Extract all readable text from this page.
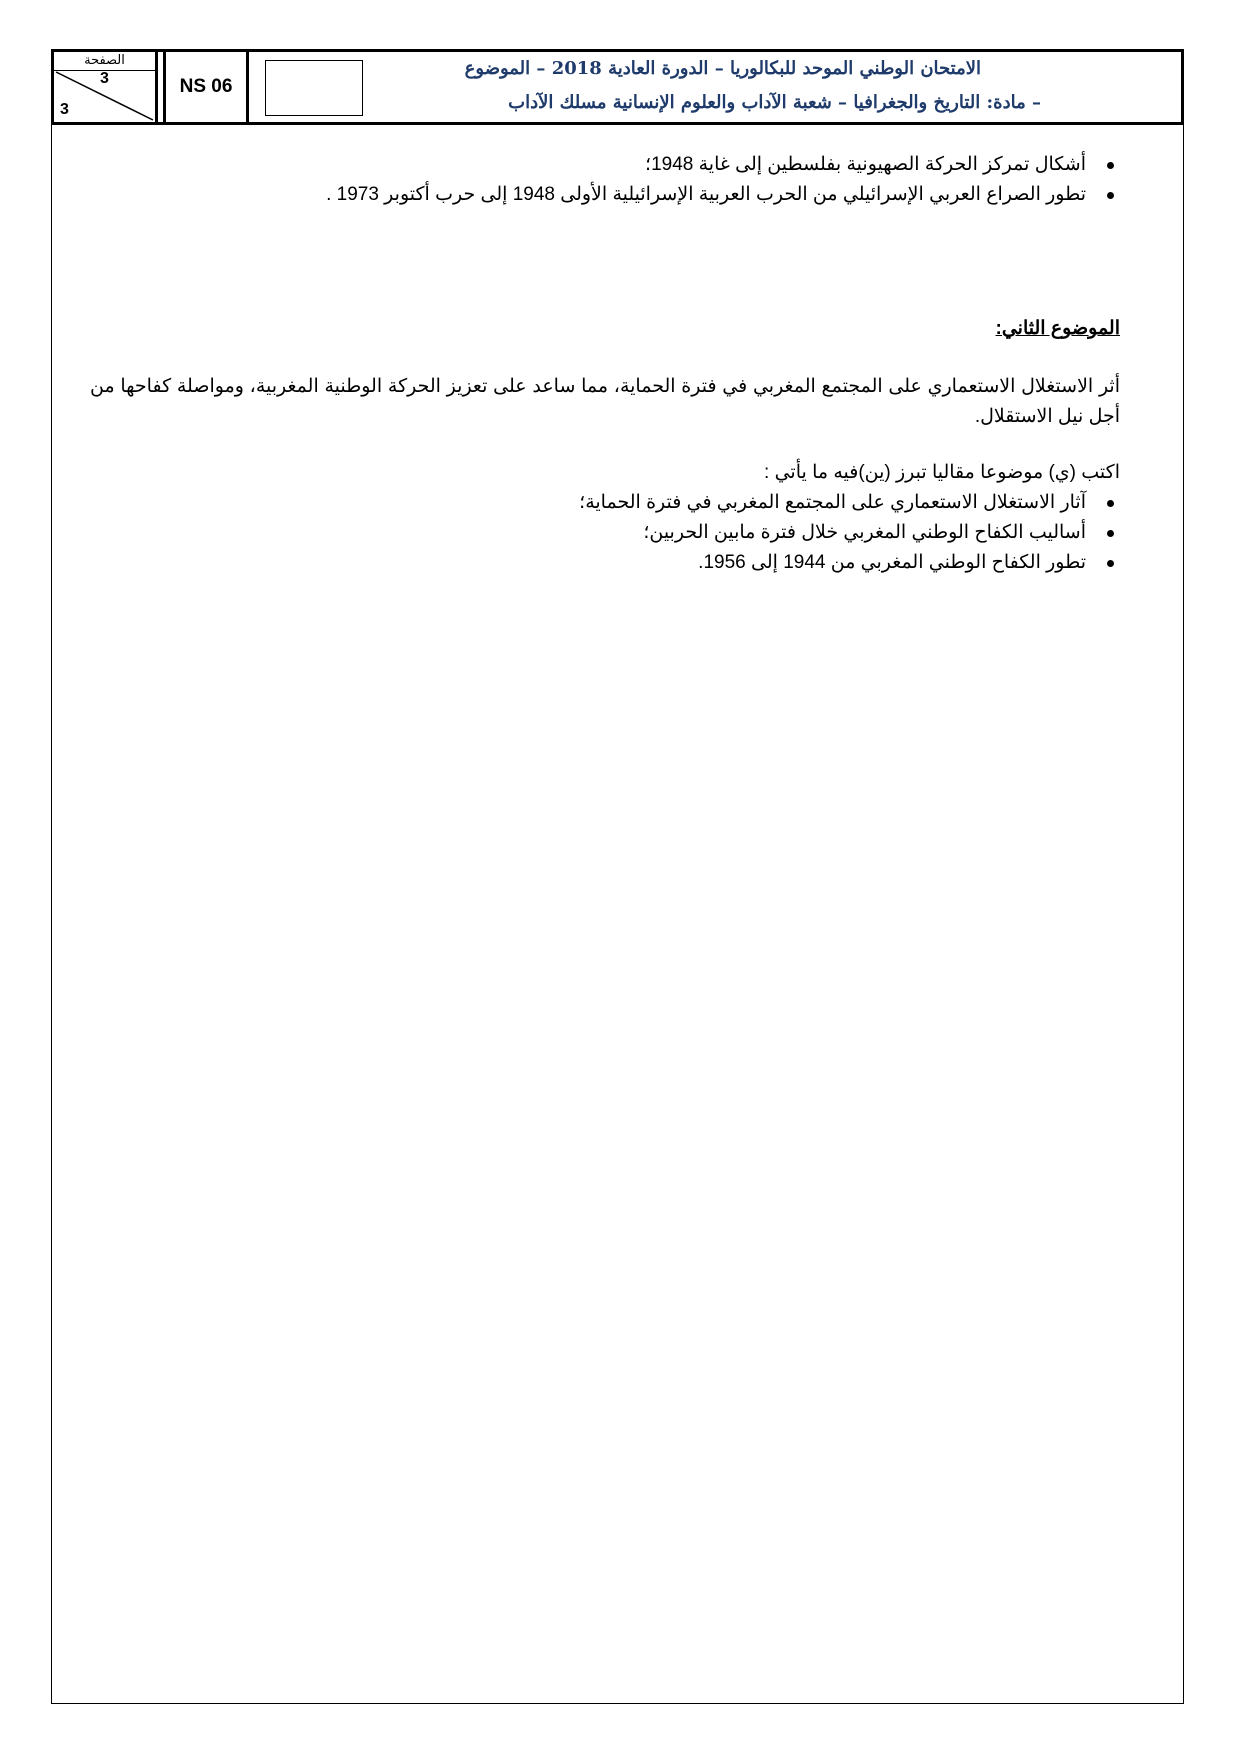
الصفحة
3
3
NS 06
الامتحان الوطني الموحد للبكالوريا – الدورة العادية 2018 – الموضوع
– مادة: التاريخ والجغرافيا – شعبة الآداب والعلوم الإنسانية مسلك الآداب
أشكال تمركز الحركة الصهيونية بفلسطين إلى غاية 1948؛
تطور الصراع العربي الإسرائيلي من الحرب العربية الإسرائيلية الأولى 1948 إلى حرب أكتوبر 1973 .
الموضوع الثاني:
أثر الاستغلال الاستعماري على المجتمع المغربي في فترة الحماية، مما ساعد على تعزيز الحركة الوطنية المغربية، ومواصلة كفاحها من أجل نيل الاستقلال.
اكتب (ي) موضوعا مقاليا تبرز (ين)فيه ما يأتي :
آثار الاستغلال الاستعماري على المجتمع المغربي في فترة الحماية؛
أساليب الكفاح الوطني المغربي خلال فترة مابين الحربين؛
تطور الكفاح الوطني المغربي من 1944 إلى 1956.
